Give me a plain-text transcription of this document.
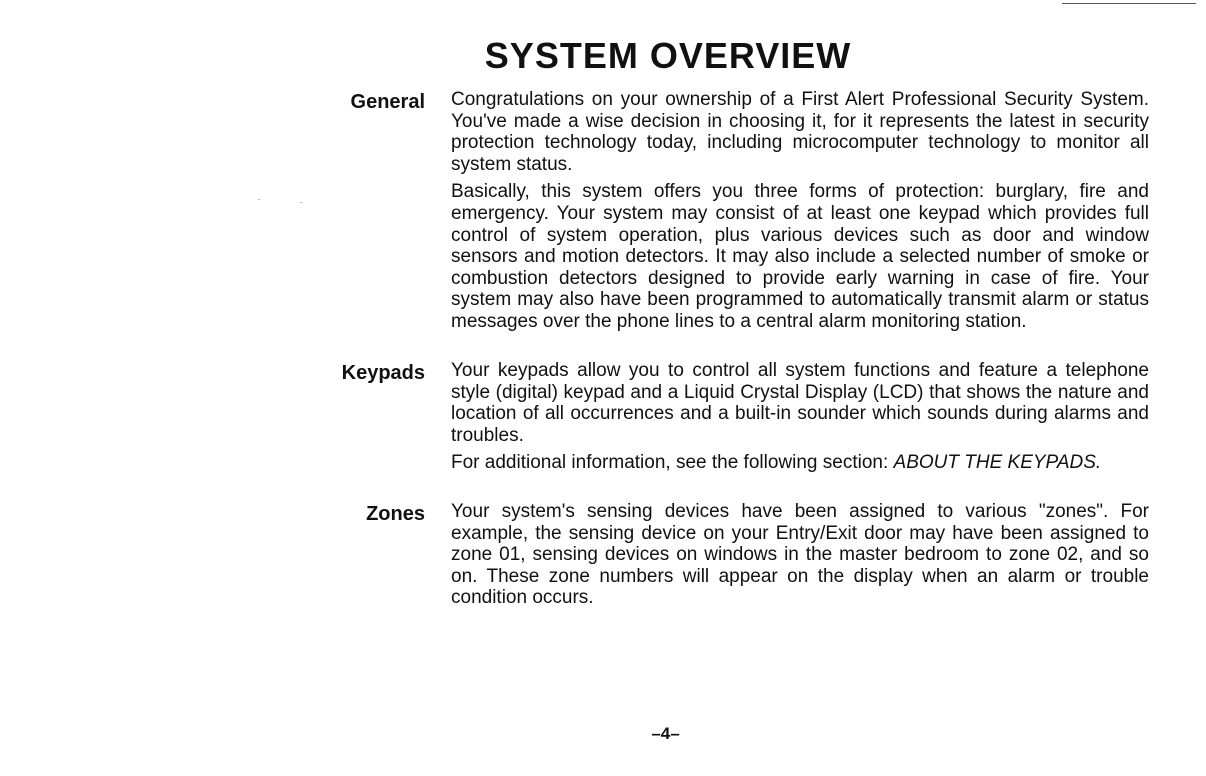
SYSTEM OVERVIEW
General Congratulations on your ownership of a First Alert Professional Security System. You've made a wise decision in choosing it, for it represents the latest in security protection technology today, including microcomputer technology to monitor all system status.

Basically, this system offers you three forms of protection: burglary, fire and emergency. Your system may consist of at least one keypad which provides full control of system operation, plus various devices such as door and window sensors and motion detectors. It may also include a selected number of smoke or combustion detectors designed to provide early warning in case of fire. Your system may also have been programmed to automatically transmit alarm or status messages over the phone lines to a central alarm monitoring station.

Keypads Your keypads allow you to control all system functions and feature a telephone style (digital) keypad and a Liquid Crystal Display (LCD) that shows the nature and location of all occurrences and a built-in sounder which sounds during alarms and troubles.

For additional information, see the following section: ABOUT THE KEYPADS.

Zones Your system's sensing devices have been assigned to various "zones". For example, the sensing device on your Entry/Exit door may have been assigned to zone 01, sensing devices on windows in the master bedroom to zone 02, and so on. These zone numbers will appear on the display when an alarm or trouble condition occurs.

–4–
